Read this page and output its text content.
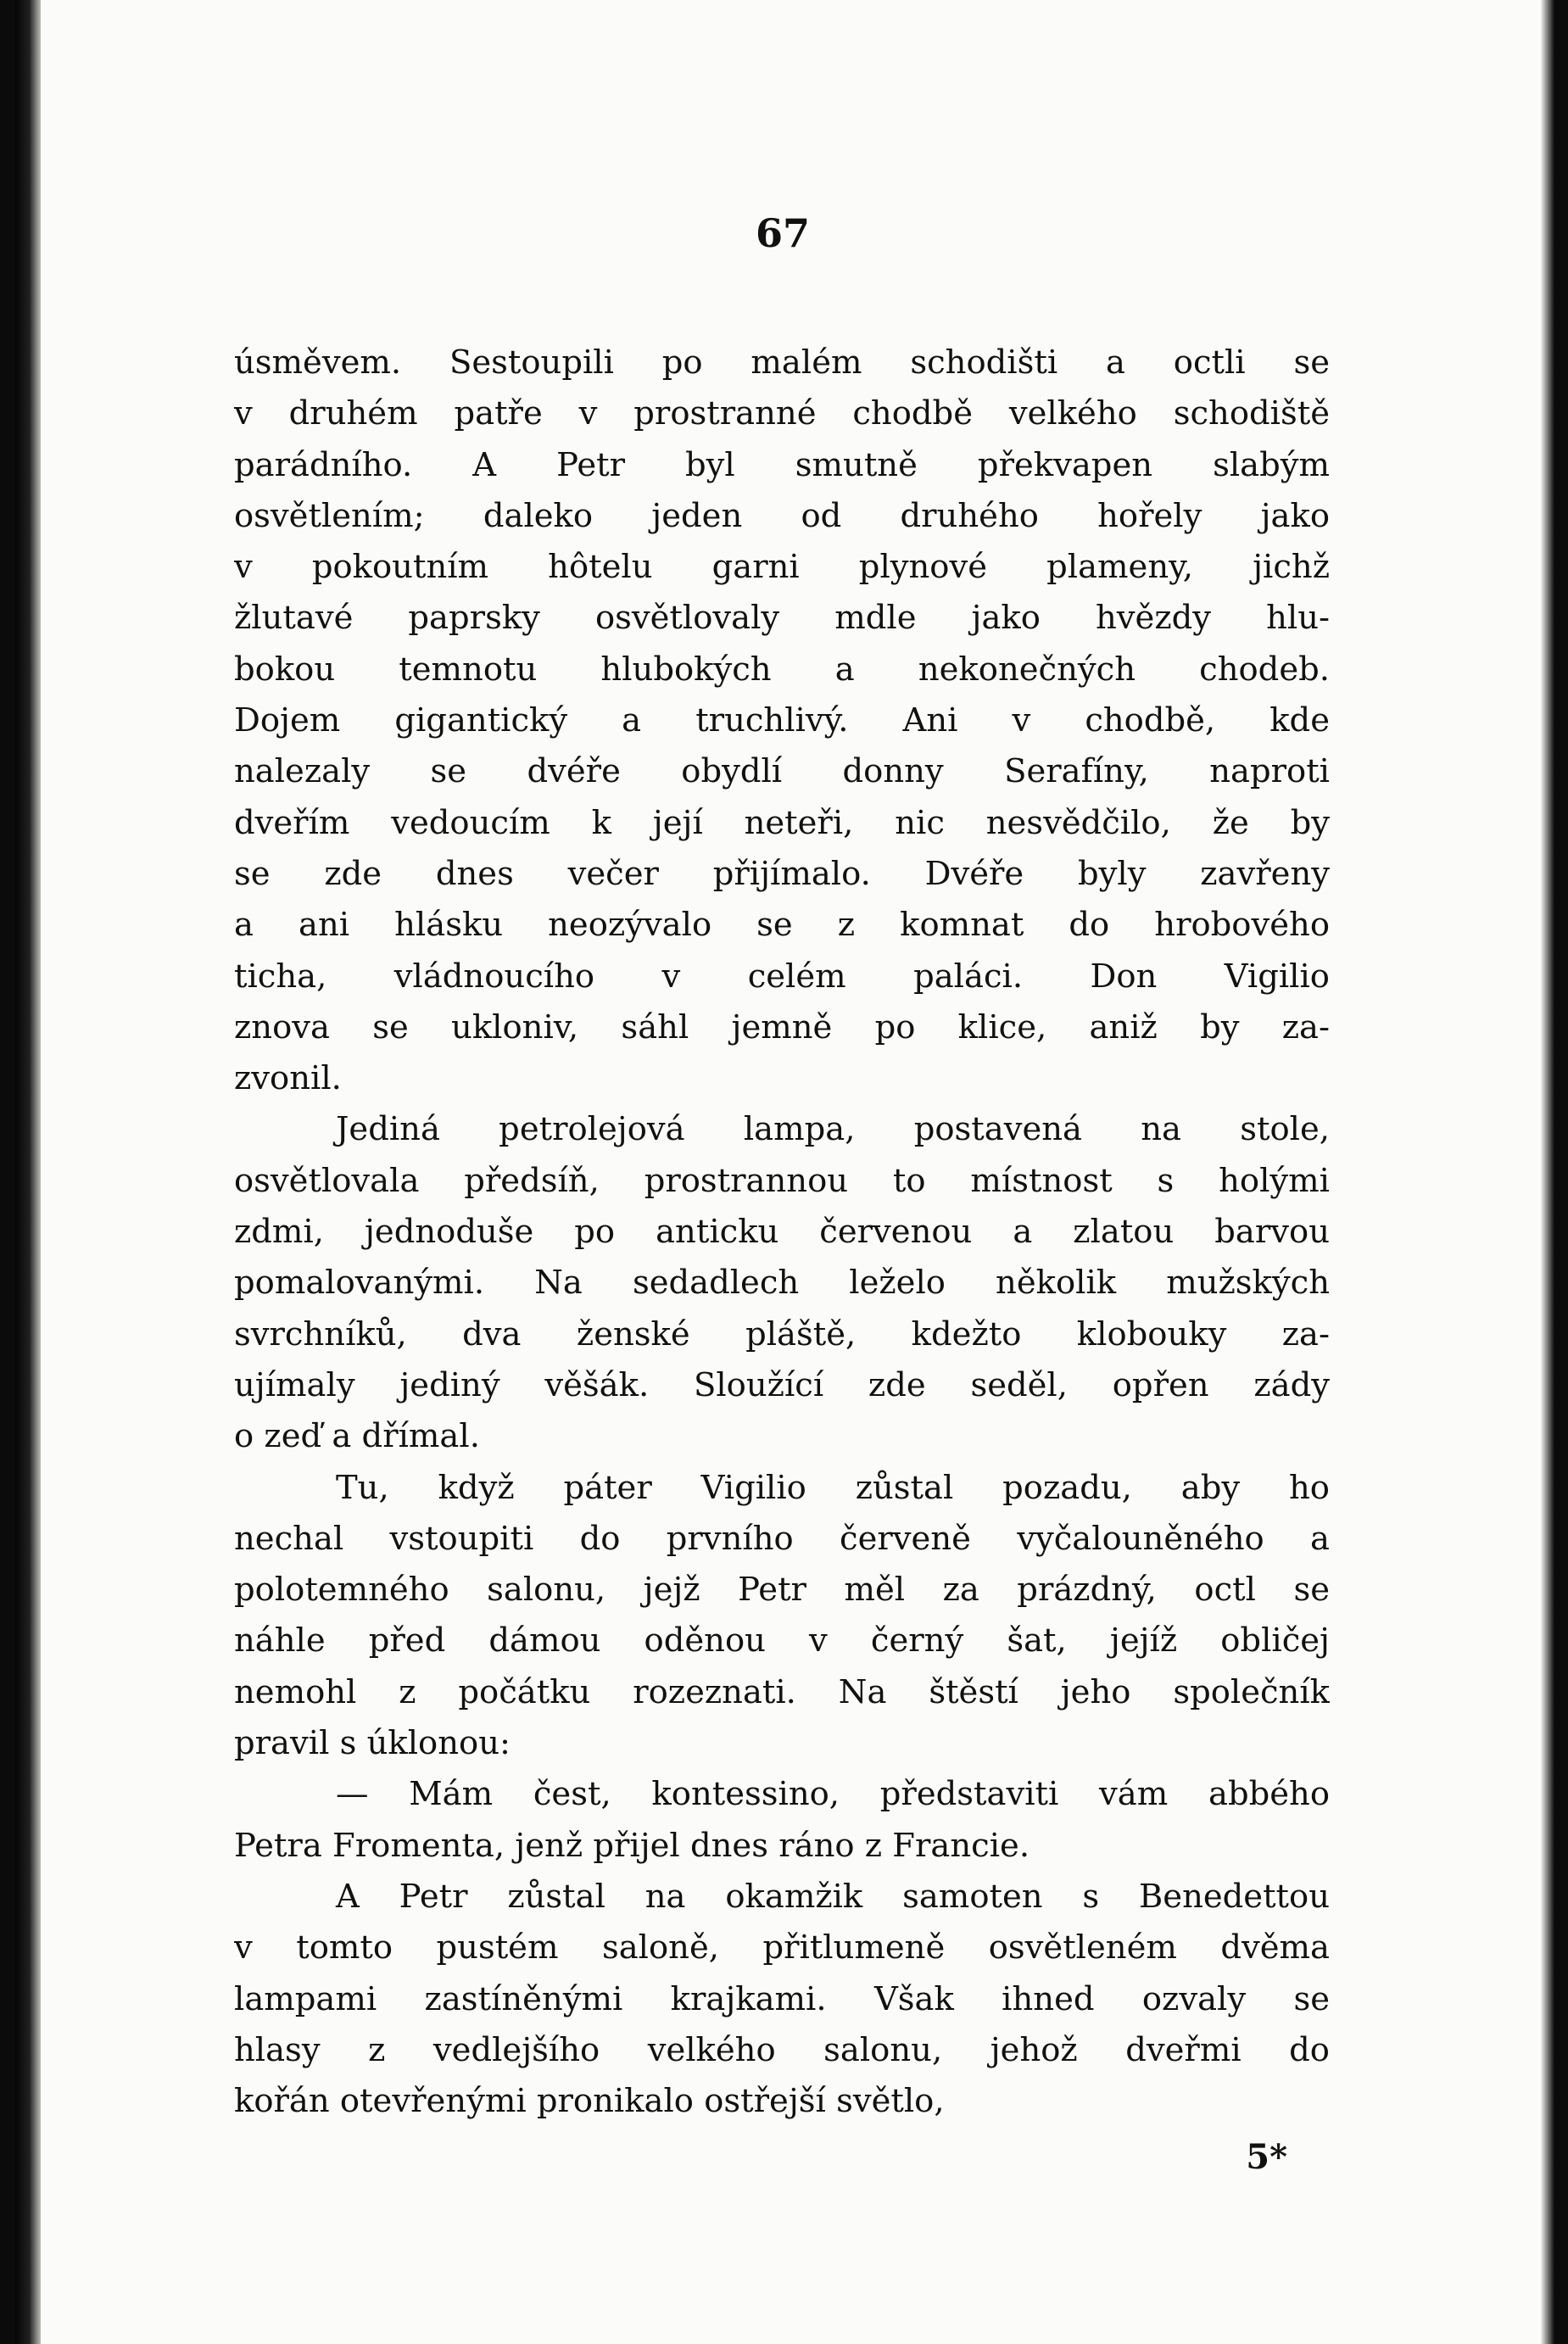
67
úsměvem. Sestoupili po malém schodišti a octli se
v druhém patře v prostranné chodbě velkého schodiště
parádního. A Petr byl smutně překvapen slabým
osvětlením; daleko jeden od druhého hořely jako
v pokoutním hôtelu garni plynové plameny, jichž
žlutavé paprsky osvětlovaly mdle jako hvězdy hlu-
bokou temnotu hlubokých a nekonečných chodeb.
Dojem gigantický a truchlivý. Ani v chodbě, kde
nalezaly se dvéře obydlí donny Serafíny, naproti
dveřím vedoucím k její neteři, nic nesvědčilo, že by
se zde dnes večer přijímalo. Dvéře byly zavřeny
a ani hlásku neozývalo se z komnat do hrobového
ticha, vládnoucího v celém paláci. Don Vigilio
znova se ukloniv, sáhl jemně po klice, aniž by za-
zvonil.
Jediná petrolejová lampa, postavená na stole,
osvětlovala předsíň, prostrannou to místnost s holými
zdmi, jednoduše po anticku červenou a zlatou barvou
pomalovanými. Na sedadlech leželo několik mužských
svrchníků, dva ženské pláště, kdežto klobouky za-
ujímaly jediný věšák. Sloužící zde seděl, opřen zády
o zeď a dřímal.
Tu, když páter Vigilio zůstal pozadu, aby ho
nechal vstoupiti do prvního červeně vyčalouněného a
polotemného salonu, jejž Petr měl za prázdný, octl se
náhle před dámou oděnou v černý šat, jejíž obličej
nemohl z počátku rozeznati. Na štěstí jeho společník
pravil s úklonou:
— Mám čest, kontessino, představiti vám abbého
Petra Fromenta, jenž přijel dnes ráno z Francie.
A Petr zůstal na okamžik samoten s Benedettou
v tomto pustém saloně, přitlumeně osvětleném dvěma
lampami zastíněnými krajkami. Však ihned ozvaly se
hlasy z vedlejšího velkého salonu, jehož dveřmi do
kořán otevřenými pronikalo ostřejší světlo,
5*
